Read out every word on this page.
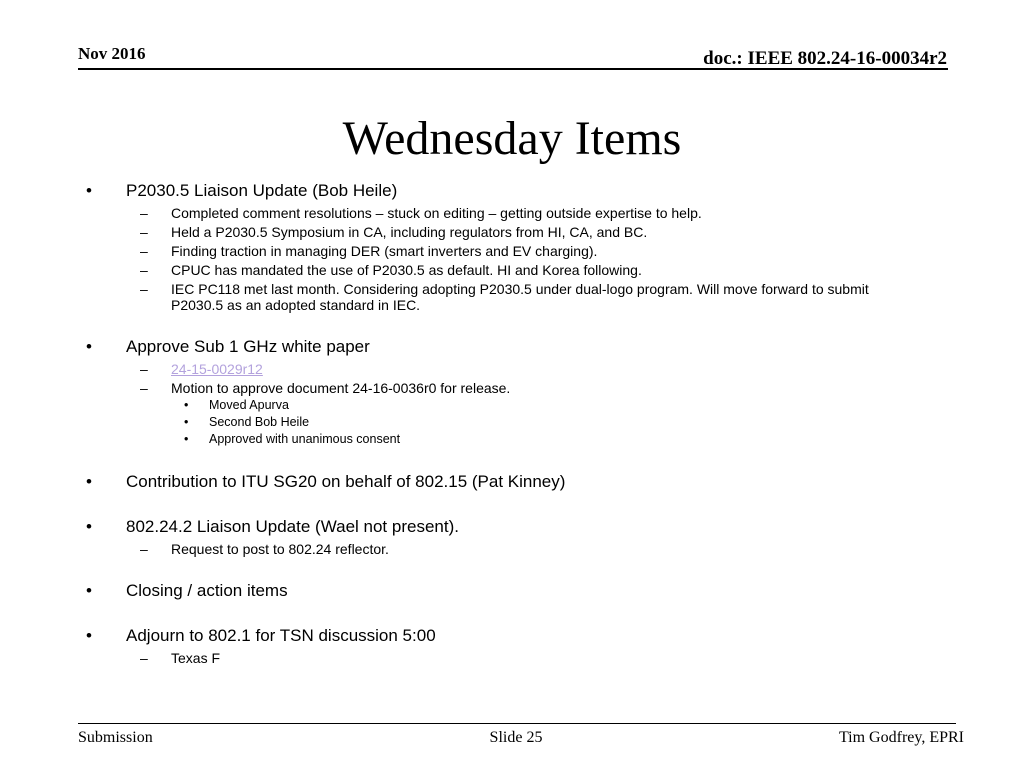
Nov 2016	doc.: IEEE 802.24-16-00034r2
Wednesday Items
•	P2030.5 Liaison Update (Bob Heile)
–	Completed comment resolutions – stuck on editing – getting outside expertise to help.
–	Held a P2030.5 Symposium in CA, including regulators from HI, CA, and BC.
–	Finding traction in managing DER (smart inverters and EV charging).
–	CPUC has mandated the use of P2030.5 as default. HI and Korea following.
–	IEC PC118 met last month. Considering adopting P2030.5 under dual-logo program. Will move forward to submit P2030.5 as an adopted standard in IEC.
•	Approve Sub 1 GHz white paper
–	24-15-0029r12
–	Motion to approve document 24-16-0036r0 for release.
•	Moved Apurva
•	Second Bob Heile
•	Approved with unanimous consent
•	Contribution to ITU SG20 on behalf of 802.15 (Pat Kinney)
•	802.24.2 Liaison Update (Wael not present).
–	Request to post to 802.24 reflector.
•	Closing / action items
•	Adjourn to 802.1 for TSN discussion 5:00
–	Texas F
Submission	Slide 25	Tim Godfrey, EPRI
